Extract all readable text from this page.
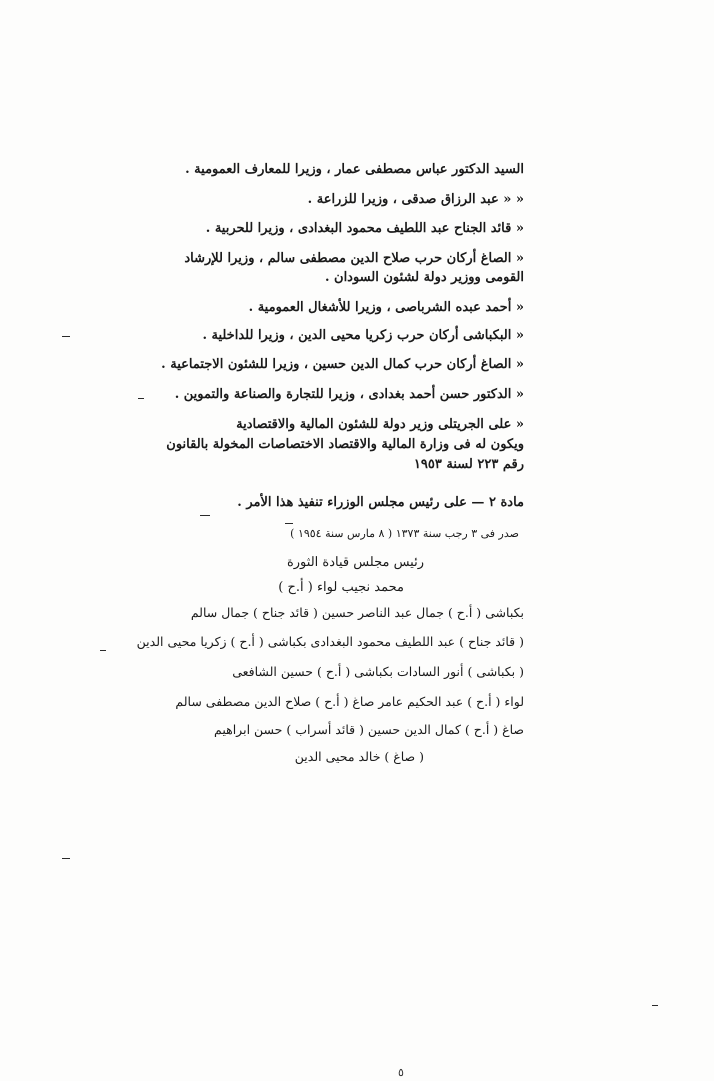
السيد الدكتور عباس مصطفى عمار ، وزيرا للمعارف العمومية .
« « عبد الرزاق صدقى ، وزيرا للزراعة .
« قائد الجناح عبد اللطيف محمود البغدادى ، وزيرا للحربية .
« الصاغ أركان حرب صلاح الدين مصطفى سالم ، وزيرا للإرشاد
القومى ووزير دولة لشئون السودان .
« أحمد عبده الشرباصى ، وزيرا للأشغال العمومية .
« البكباشى أركان حرب زكريا محيى الدين ، وزيرا للداخلية .
« الصاغ أركان حرب كمال الدين حسين ، وزيرا للشئون الاجتماعية .
« الدكتور حسن أحمد بغدادى ، وزيرا للتجارة والصناعة والتموين .
« على الجريتلى وزير دولة للشئون المالية والاقتصادية
ويكون له فى وزارة المالية والاقتصاد الاختصاصات المخولة بالقانون
رقم ٢٢٣ لسنة ١٩٥٣
مادة ٢ — على رئيس مجلس الوزراء تنفيذ هذا الأمر .
صدر فى ٣ رجب سنة ١٣٧٣ ( ٨ مارس سنة ١٩٥٤ )
رئيس مجلس قيادة الثورة
محمد نجيب لواء ( أ.ح )
بكباشى ( أ.ح ) جمال عبد الناصر حسين ( قائد جناح ) جمال سالم
( قائد جناح ) عبد اللطيف محمود البغدادى بكباشى ( أ.ح ) زكريا محيى الدين
( بكباشى ) أنور السادات بكباشى ( أ.ح ) حسين الشافعى
لواء ( أ.ح ) عبد الحكيم عامر صاغ ( أ.ح ) صلاح الدين مصطفى سالم
صاغ ( أ.ح ) كمال الدين حسين ( قائد أسراب ) حسن ابراهيم
( صاغ ) خالد محيى الدين
٥
